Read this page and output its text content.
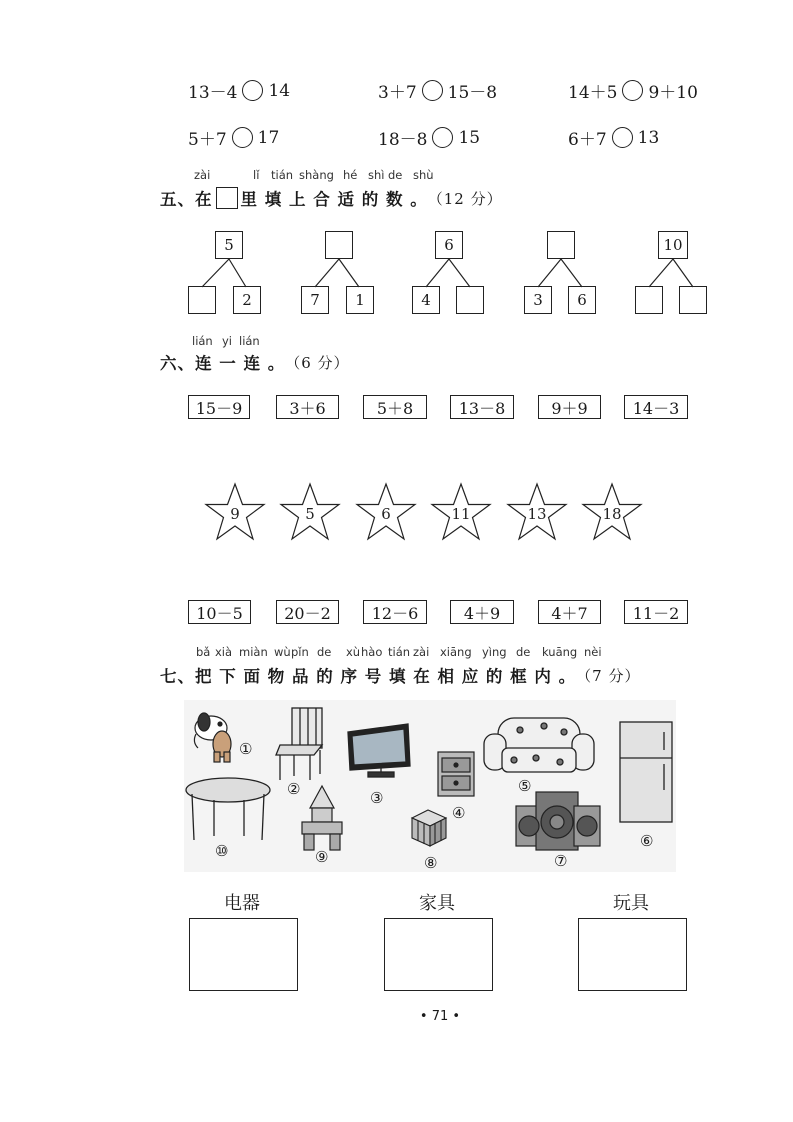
13－4 14	3＋7 15－8	14＋5 9＋10
5＋7 17	18－8 15	6＋7 13
zài	lǐ tián shàng hé shì de shù
五、在 里 填 上 合 适 的 数 。 （12 分）
5
2	7	1
6
4	3	6
10
lián yi lián
六、连 一 连 。 （6 分）
15－9	3＋6	5＋8	13－8	9＋9	14－3
9	5	6	11	13	18
10－5	20－2	12－6	4＋9	4＋7	11－2
bǎ xià miàn wù pǐn de xù hào tián zài xiāng yìng de kuāng nèi
七、把 下 面 物 品 的 序 号 填 在 相 应 的 框 内 。 （7 分）
①
②	③
④
⑤
⑥
⑦
⑧
⑨
⑩
电器	家具	玩具
• 71 •
